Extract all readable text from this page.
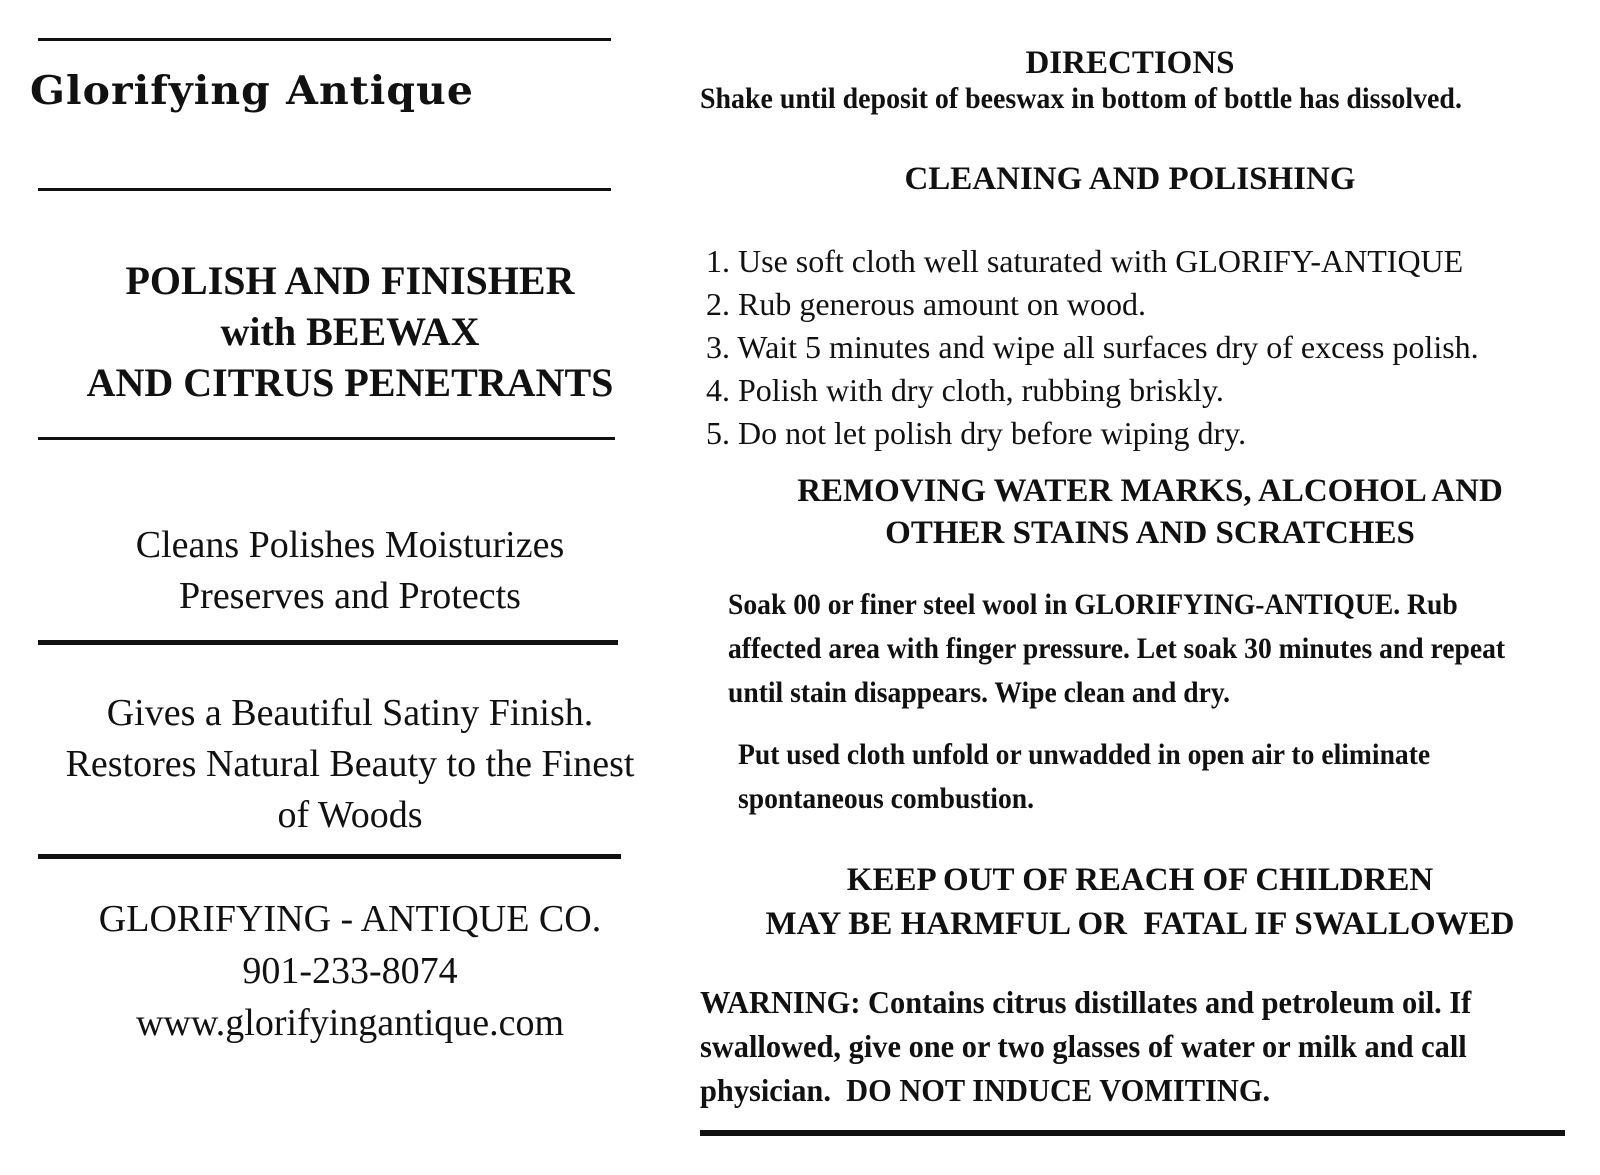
Glorifying Antique
POLISH AND FINISHER
with BEEWAX
AND CITRUS PENETRANTS
Cleans Polishes Moisturizes
Preserves and Protects
Gives a Beautiful Satiny Finish.
Restores Natural Beauty to the Finest
of Woods
GLORIFYING - ANTIQUE CO.
901-233-8074
www.glorifyingantique.com
DIRECTIONS
Shake until deposit of beeswax in bottom of bottle has dissolved.
CLEANING AND POLISHING
1. Use soft cloth well saturated with GLORIFY-ANTIQUE
2. Rub generous amount on wood.
3. Wait 5 minutes and wipe all surfaces dry of excess polish.
4. Polish with dry cloth, rubbing briskly.
5. Do not let polish dry before wiping dry.
REMOVING WATER MARKS, ALCOHOL AND
OTHER STAINS AND SCRATCHES
Soak 00 or finer steel wool in GLORIFYING-ANTIQUE. Rub
affected area with finger pressure. Let soak 30 minutes and repeat
until stain disappears. Wipe clean and dry.
Put used cloth unfold or unwadded in open air to eliminate
spontaneous combustion.
KEEP OUT OF REACH OF CHILDREN
MAY BE HARMFUL OR  FATAL IF SWALLOWED
WARNING: Contains citrus distillates and petroleum oil. If
swallowed, give one or two glasses of water or milk and call
physician.  DO NOT INDUCE VOMITING.
